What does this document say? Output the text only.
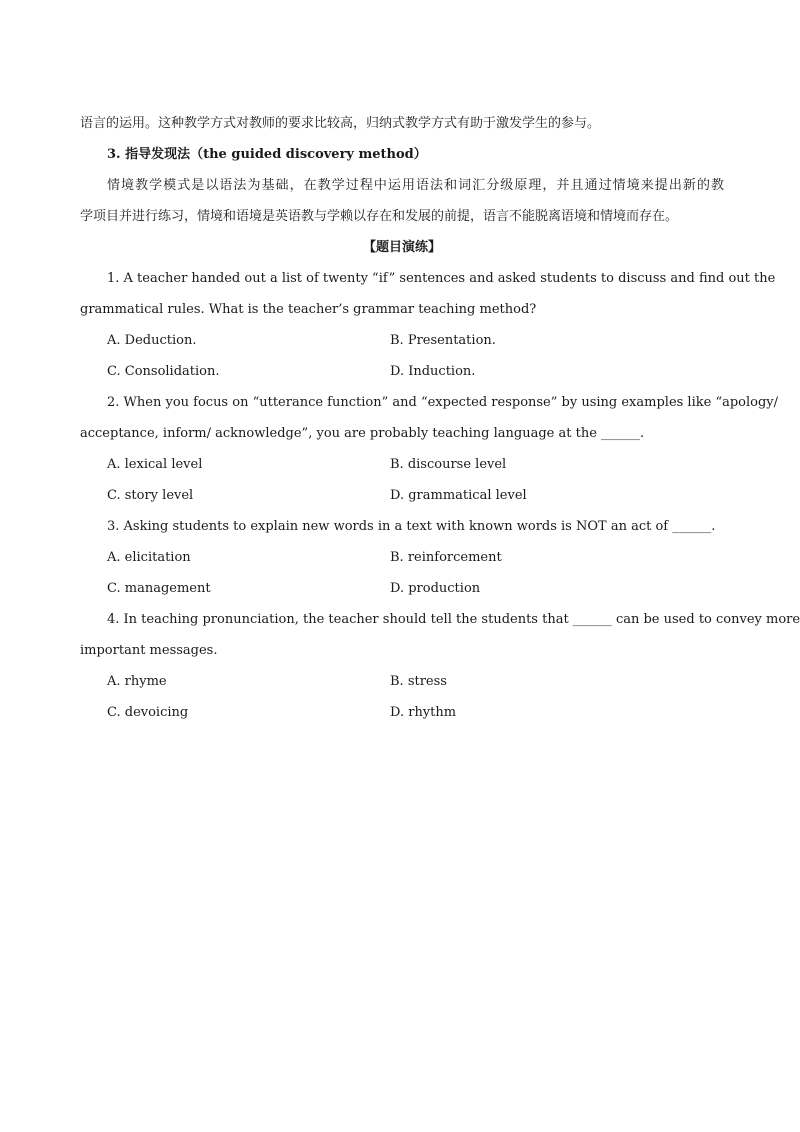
语言的运用。这种教学方式对教师的要求比较高，归纳式教学方式有助于激发学生的参与。
3. 指导发现法（the guided discovery method）
情境教学模式是以语法为基础，在教学过程中运用语法和词汇分级原理，并且通过情境来提出新的教
学项目并进行练习，情境和语境是英语教与学赖以存在和发展的前提，语言不能脱离语境和情境而存在。
【题目演练】
1. A teacher handed out a list of twenty “if” sentences and asked students to discuss and find out the
grammatical rules. What is the teacher’s grammar teaching method?
A. Deduction.	B. Presentation.
C. Consolidation.	D. Induction.
2. When you focus on “utterance function” and “expected response” by using examples like “apology/
acceptance, inform/ acknowledge”, you are probably teaching language at the ______.
A. lexical level	B. discourse level
C. story level	D. grammatical level
3. Asking students to explain new words in a text with known words is NOT an act of ______.
A. elicitation	B. reinforcement
C. management	D. production
4. In teaching pronunciation, the teacher should tell the students that ______ can be used to convey more
important messages.
A. rhyme	B. stress
C. devoicing	D. rhythm
